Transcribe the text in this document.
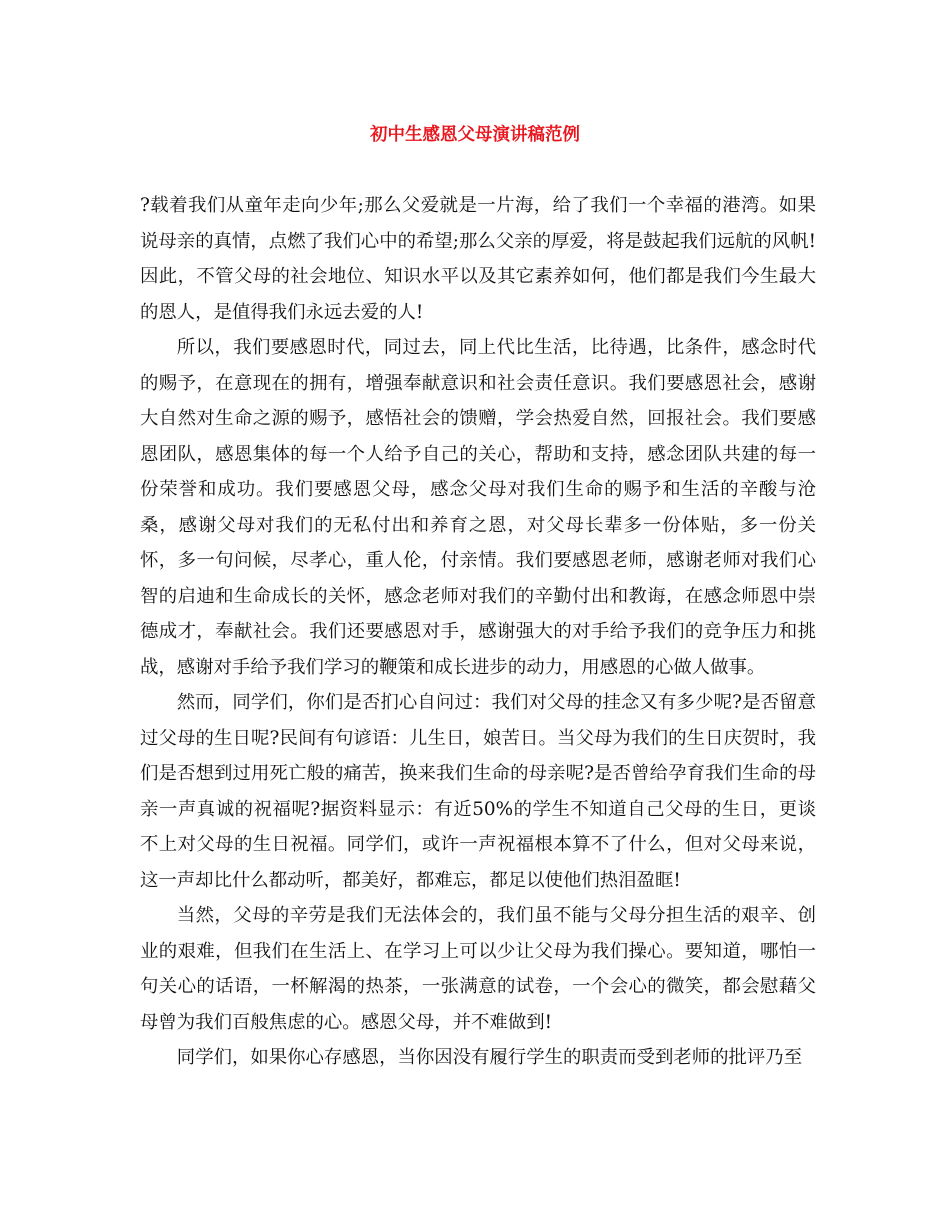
初中生感恩父母演讲稿范例

?载着我们从童年走向少年;那么父爱就是一片海，给了我们一个幸福的港湾。如果说母亲的真情，点燃了我们心中的希望;那么父亲的厚爱，将是鼓起我们远航的风帆!因此，不管父母的社会地位、知识水平以及其它素养如何，他们都是我们今生最大的恩人，是值得我们永远去爱的人!

所以，我们要感恩时代，同过去，同上代比生活，比待遇，比条件，感念时代的赐予，在意现在的拥有，增强奉献意识和社会责任意识。我们要感恩社会，感谢大自然对生命之源的赐予，感悟社会的馈赠，学会热爱自然，回报社会。我们要感恩团队，感恩集体的每一个人给予自己的关心，帮助和支持，感念团队共建的每一份荣誉和成功。我们要感恩父母，感念父母对我们生命的赐予和生活的辛酸与沧桑，感谢父母对我们的无私付出和养育之恩，对父母长辈多一份体贴，多一份关怀，多一句问候，尽孝心，重人伦，付亲情。我们要感恩老师，感谢老师对我们心智的启迪和生命成长的关怀，感念老师对我们的辛勤付出和教诲，在感念师恩中崇德成才，奉献社会。我们还要感恩对手，感谢强大的对手给予我们的竞争压力和挑战，感谢对手给予我们学习的鞭策和成长进步的动力，用感恩的心做人做事。

然而，同学们，你们是否扪心自问过：我们对父母的挂念又有多少呢?是否留意过父母的生日呢?民间有句谚语：儿生日，娘苦日。当父母为我们的生日庆贺时，我们是否想到过用死亡般的痛苦，换来我们生命的母亲呢?是否曾给孕育我们生命的母亲一声真诚的祝福呢?据资料显示：有近50%的学生不知道自己父母的生日，更谈不上对父母的生日祝福。同学们，或许一声祝福根本算不了什么，但对父母来说，这一声却比什么都动听，都美好，都难忘，都足以使他们热泪盈眶!

当然，父母的辛劳是我们无法体会的，我们虽不能与父母分担生活的艰辛、创业的艰难，但我们在生活上、在学习上可以少让父母为我们操心。要知道，哪怕一句关心的话语，一杯解渴的热茶，一张满意的试卷，一个会心的微笑，都会慰藉父母曾为我们百般焦虑的心。感恩父母，并不难做到!

同学们，如果你心存感恩，当你因没有履行学生的职责而受到老师的批评乃至
